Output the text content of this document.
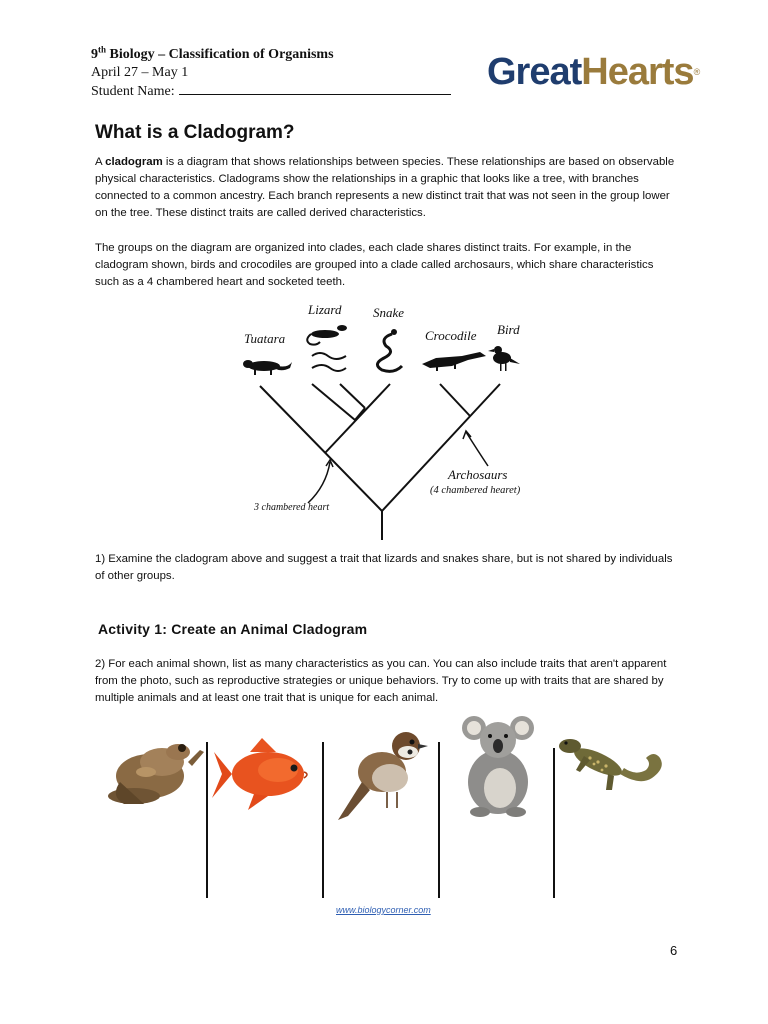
9th Biology – Classification of Organisms
April 27 – May 1
Student Name:	GreatHearts®
What is a Cladogram?
A cladogram is a diagram that shows relationships between species. These relationships are based on observable physical characteristics. Cladograms show the relationships in a graphic that looks like a tree, with branches connected to a common ancestry. Each branch represents a new distinct trait that was not seen in the group lower on the tree. These distinct traits are called derived characteristics.
The groups on the diagram are organized into clades, each clade shares distinct traits. For example, in the cladogram shown, birds and crocodiles are grouped into a clade called archosaurs, which share characteristics such as a 4 chambered heart and socketed teeth.
Tuatara
Lizard Snake
Crocodile Bird
Archosaurs
(4 chambered hearet)
3 chambered heart
1) Examine the cladogram above and suggest a trait that lizards and snakes share, but is not shared by individuals of other groups.
Activity 1: Create an Animal Cladogram
2) For each animal shown, list as many characteristics as you can. You can also include traits that aren't apparent from the photo, such as reproductive strategies or unique behaviors. Try to come up with traits that are shared by multiple animals and at least one trait that is unique for each animal.
www.biologycorner.com
6
